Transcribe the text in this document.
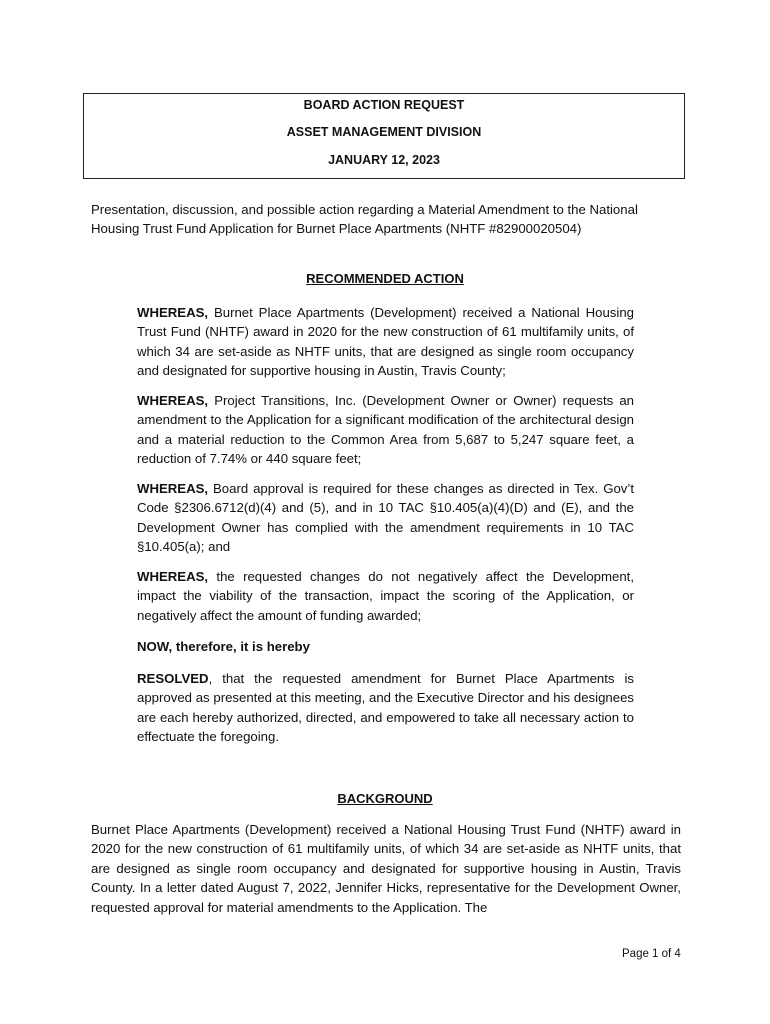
BOARD ACTION REQUEST
ASSET MANAGEMENT DIVISION
JANUARY 12, 2023
Presentation, discussion, and possible action regarding a Material Amendment to the National Housing Trust Fund Application for Burnet Place Apartments (NHTF #82900020504)
RECOMMENDED ACTION
WHEREAS, Burnet Place Apartments (Development) received a National Housing Trust Fund (NHTF) award in 2020 for the new construction of 61 multifamily units, of which 34 are set-aside as NHTF units, that are designed as single room occupancy and designated for supportive housing in Austin, Travis County;
WHEREAS, Project Transitions, Inc. (Development Owner or Owner) requests an amendment to the Application for a significant modification of the architectural design and a material reduction to the Common Area from 5,687 to 5,247 square feet, a reduction of 7.74% or 440 square feet;
WHEREAS, Board approval is required for these changes as directed in Tex. Gov’t Code §2306.6712(d)(4) and (5), and in 10 TAC §10.405(a)(4)(D) and (E), and the Development Owner has complied with the amendment requirements in 10 TAC §10.405(a); and
WHEREAS, the requested changes do not negatively affect the Development, impact the viability of the transaction, impact the scoring of the Application, or negatively affect the amount of funding awarded;
NOW, therefore, it is hereby
RESOLVED, that the requested amendment for Burnet Place Apartments is approved as presented at this meeting, and the Executive Director and his designees are each hereby authorized, directed, and empowered to take all necessary action to effectuate the foregoing.
BACKGROUND
Burnet Place Apartments (Development) received a National Housing Trust Fund (NHTF) award in 2020 for the new construction of 61 multifamily units, of which 34 are set-aside as NHTF units, that are designed as single room occupancy and designated for supportive housing in Austin, Travis County. In a letter dated August 7, 2022, Jennifer Hicks, representative for the Development Owner, requested approval for material amendments to the Application. The
Page 1 of 4
